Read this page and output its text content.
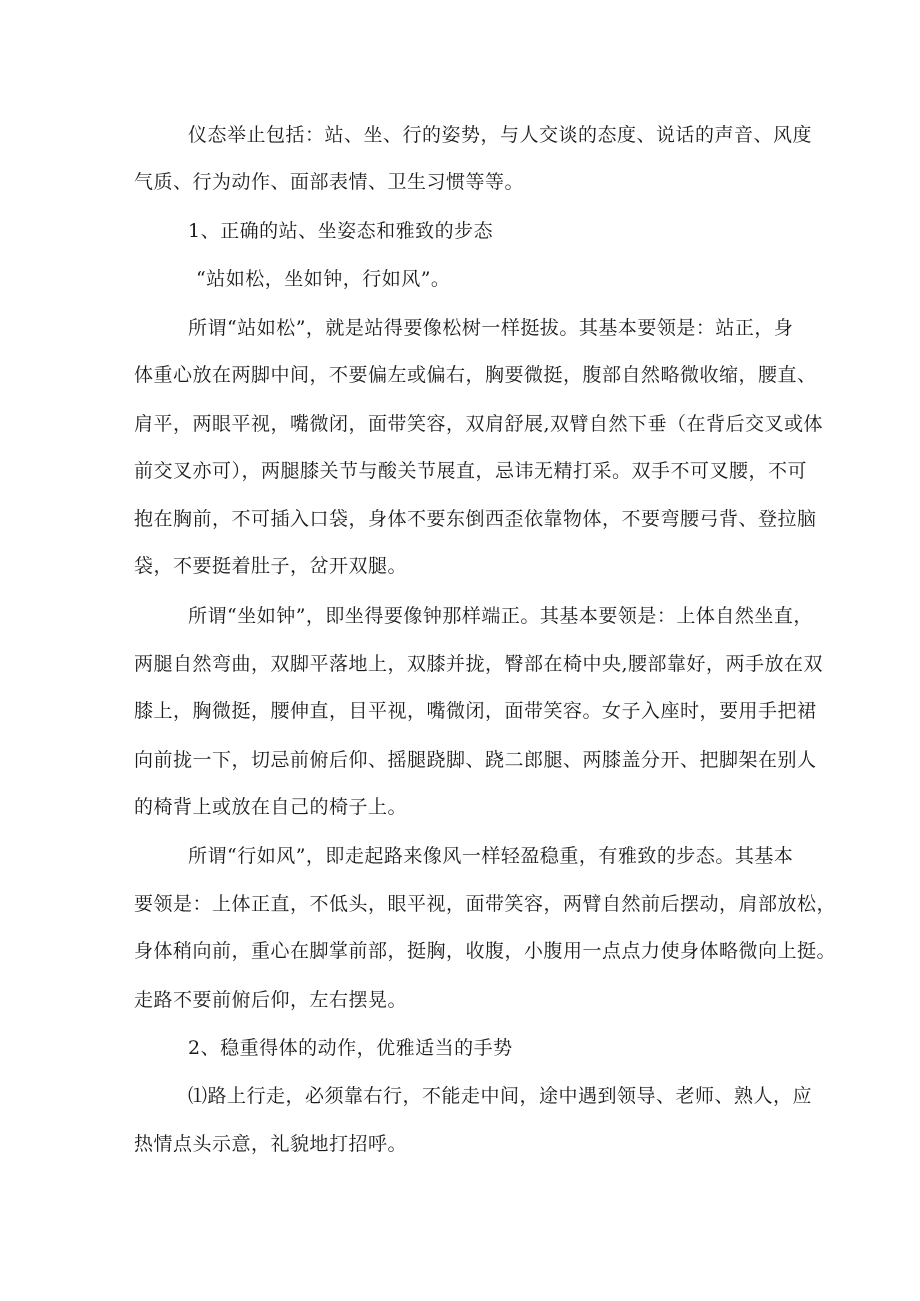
仪态举止包括：站、坐、行的姿势，与人交谈的态度、说话的声音、风度
气质、行为动作、面部表情、卫生习惯等等。
1、正确的站、坐姿态和雅致的步态
“站如松，坐如钟，行如风”。
所谓“站如松”，就是站得要像松树一样挺拔。其基本要领是：站正，身
体重心放在两脚中间，不要偏左或偏右，胸要微挺，腹部自然略微收缩，腰直、
肩平，两眼平视，嘴微闭，面带笑容，双肩舒展,双臂自然下垂（在背后交叉或体
前交叉亦可），两腿膝关节与酸关节展直，忌讳无精打采。双手不可叉腰，不可
抱在胸前，不可插入口袋，身体不要东倒西歪依靠物体，不要弯腰弓背、登拉脑
袋，不要挺着肚子，岔开双腿。
所谓“坐如钟”，即坐得要像钟那样端正。其基本要领是：上体自然坐直，
两腿自然弯曲，双脚平落地上，双膝并拢，臀部在椅中央,腰部靠好，两手放在双
膝上，胸微挺，腰伸直，目平视，嘴微闭，面带笑容。女子入座时，要用手把裙
向前拢一下，切忌前俯后仰、摇腿跷脚、跷二郎腿、两膝盖分开、把脚架在别人
的椅背上或放在自己的椅子上。
所谓“行如风”，即走起路来像风一样轻盈稳重，有雅致的步态。其基本
要领是：上体正直，不低头，眼平视，面带笑容，两臂自然前后摆动，肩部放松，
身体稍向前，重心在脚掌前部，挺胸，收腹，小腹用一点点力使身体略微向上挺。
走路不要前俯后仰，左右摆晃。
2、稳重得体的动作，优雅适当的手势
⑴路上行走，必须靠右行，不能走中间，途中遇到领导、老师、熟人，应
热情点头示意，礼貌地打招呼。
